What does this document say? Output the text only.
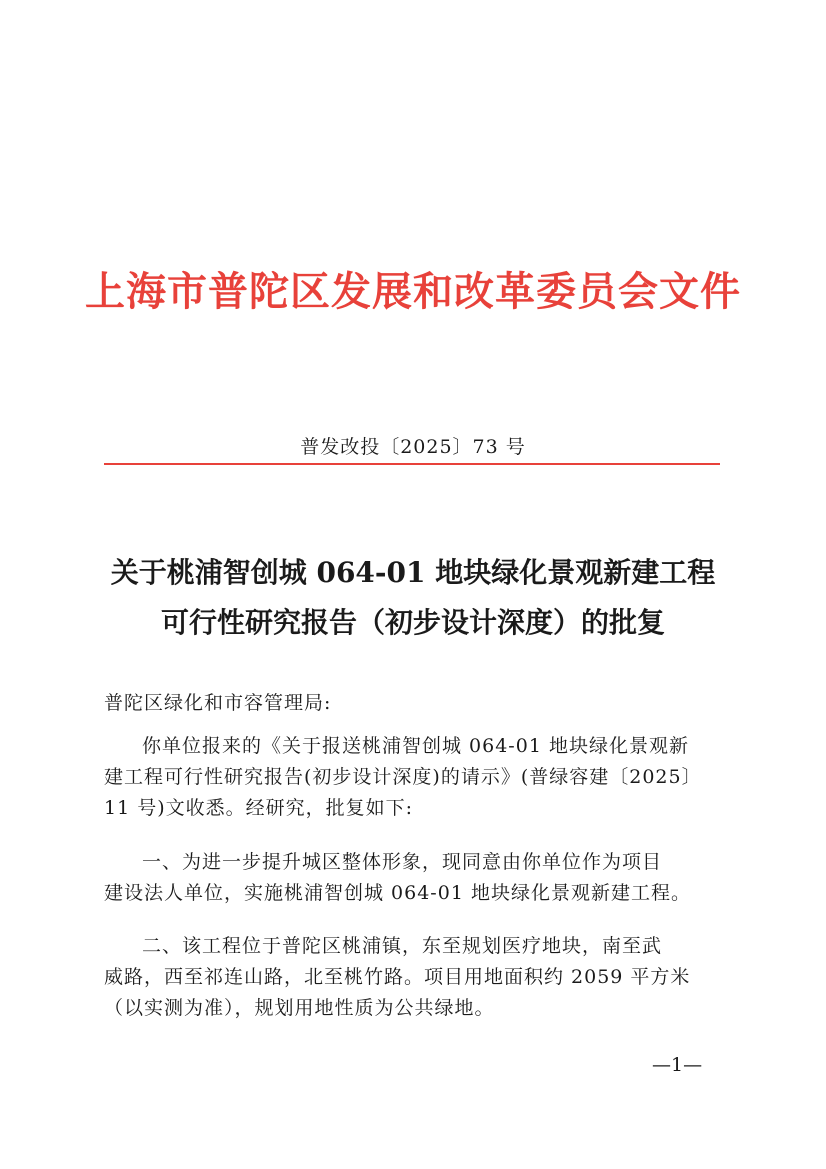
上海市普陀区发展和改革委员会文件
普发改投〔2025〕73 号
关于桃浦智创城 064-01 地块绿化景观新建工程
可行性研究报告（初步设计深度）的批复
普陀区绿化和市容管理局:
你单位报来的《关于报送桃浦智创城 064-01 地块绿化景观新
建工程可行性研究报告(初步设计深度)的请示》(普绿容建〔2025〕
11 号)文收悉。经研究，批复如下:
一、为进一步提升城区整体形象，现同意由你单位作为项目
建设法人单位，实施桃浦智创城 064-01 地块绿化景观新建工程。
二、该工程位于普陀区桃浦镇，东至规划医疗地块，南至武
威路，西至祁连山路，北至桃竹路。项目用地面积约 2059 平方米
（以实测为准），规划用地性质为公共绿地。
—1—
